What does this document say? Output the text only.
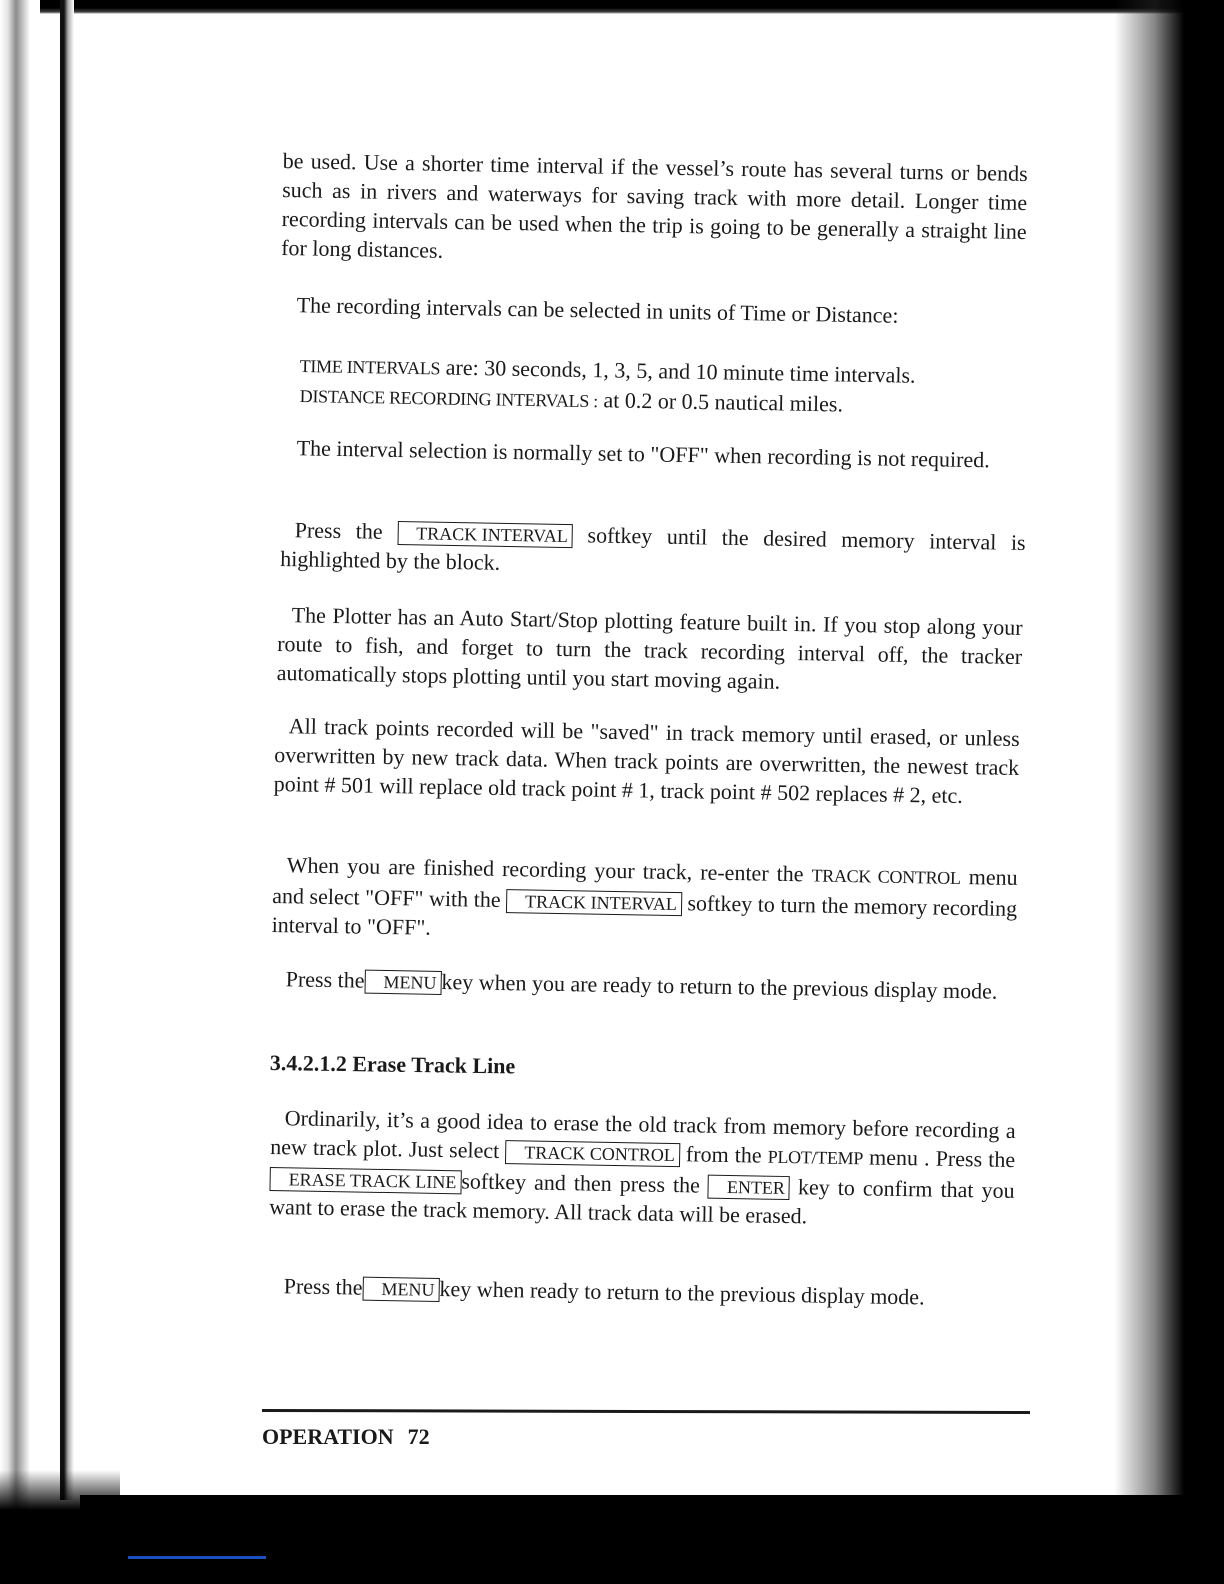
be used. Use a shorter time interval if the vessel’s route has several turns or bends such as in rivers and waterways for saving track with more detail. Longer time recording intervals can be used when the trip is going to be generally a straight line for long distances.

The recording intervals can be selected in units of Time or Distance:

TIME INTERVALS are: 30 seconds, 1, 3, 5, and 10 minute time intervals.

DISTANCE RECORDING INTERVALS : at 0.2 or 0.5 nautical miles.

The interval selection is normally set to "OFF" when recording is not required.

Press the TRACK INTERVAL softkey until the desired memory interval is highlighted by the block.

The Plotter has an Auto Start/Stop plotting feature built in. If you stop along your route to fish, and forget to turn the track recording interval off, the tracker automatically stops plotting until you start moving again.

All track points recorded will be "saved" in track memory until erased, or unless overwritten by new track data. When track points are overwritten, the newest track point # 501 will replace old track point # 1, track point # 502 replaces # 2, etc.

When you are finished recording your track, re-enter the TRACK CONTROL menu and select "OFF" with the TRACK INTERVAL softkey to turn the memory recording interval to "OFF".

Press the MENU key when you are ready to return to the previous display mode.

3.4.2.1.2 Erase Track Line

Ordinarily, it’s a good idea to erase the old track from memory before recording a new track plot. Just select TRACK CONTROL from the PLOT/TEMP menu . Press theERASE TRACK LINE softkey and then press the ENTER key to confirm that you want to erase the track memory. All track data will be erased.

Press the MENU key when ready to return to the previous display mode.

OPERATION 72
